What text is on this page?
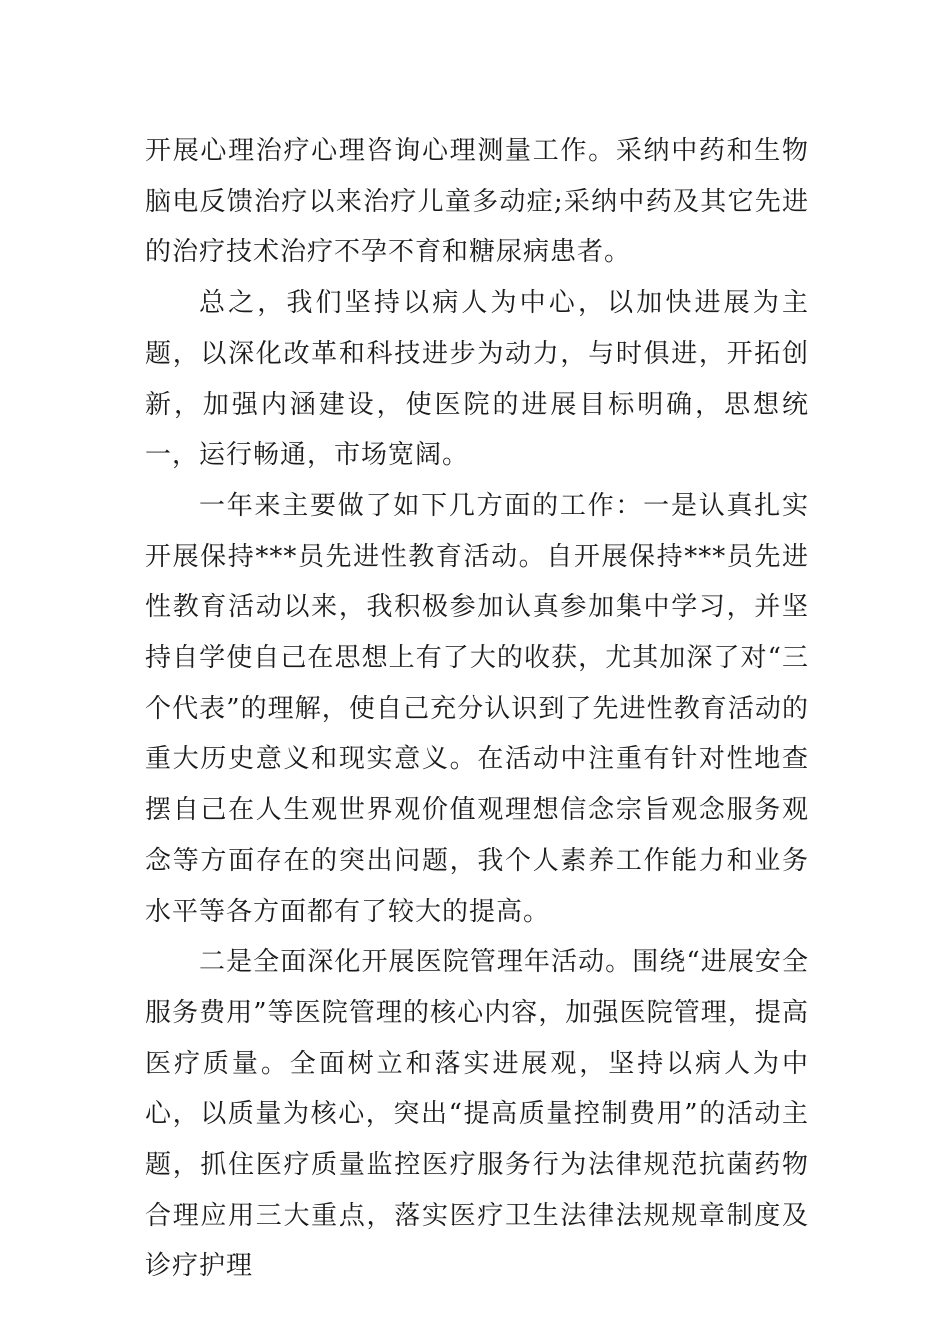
开展心理治疗心理咨询心理测量工作。采纳中药和生物脑电反馈治疗以来治疗儿童多动症;采纳中药及其它先进的治疗技术治疗不孕不育和糖尿病患者。

总之，我们坚持以病人为中心，以加快进展为主题，以深化改革和科技进步为动力，与时俱进，开拓创新，加强内涵建设，使医院的进展目标明确，思想统一，运行畅通，市场宽阔。

一年来主要做了如下几方面的工作：一是认真扎实开展保持***员先进性教育活动。自开展保持***员先进性教育活动以来，我积极参加认真参加集中学习，并坚持自学使自己在思想上有了大的收获，尤其加深了对“三个代表”的理解，使自己充分认识到了先进性教育活动的重大历史意义和现实意义。在活动中注重有针对性地查摆自己在人生观世界观价值观理想信念宗旨观念服务观念等方面存在的突出问题，我个人素养工作能力和业务水平等各方面都有了较大的提高。

二是全面深化开展医院管理年活动。围绕“进展安全服务费用”等医院管理的核心内容，加强医院管理，提高医疗质量。全面树立和落实进展观，坚持以病人为中心，以质量为核心，突出“提高质量控制费用”的活动主题，抓住医疗质量监控医疗服务行为法律规范抗菌药物合理应用三大重点，落实医疗卫生法律法规规章制度及诊疗护理
